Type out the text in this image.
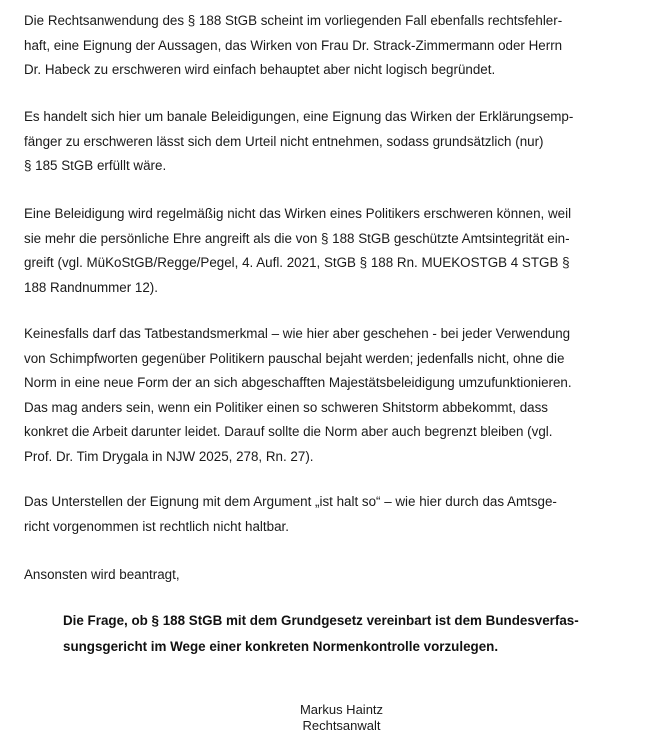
Die Rechtsanwendung des § 188 StGB scheint im vorliegenden Fall ebenfalls rechtsfehler-
haft, eine Eignung der Aussagen, das Wirken von Frau Dr. Strack-Zimmermann oder Herrn
Dr. Habeck zu erschweren wird einfach behauptet aber nicht logisch begründet.
Es handelt sich hier um banale Beleidigungen, eine Eignung das Wirken der Erklärungsemp-
fänger zu erschweren lässt sich dem Urteil nicht entnehmen, sodass grundsätzlich (nur)
§ 185 StGB erfüllt wäre.
Eine Beleidigung wird regelmäßig nicht das Wirken eines Politikers erschweren können, weil
sie mehr die persönliche Ehre angreift als die von § 188 StGB geschützte Amtsintegrität ein-
greift (vgl. MüKoStGB/Regge/Pegel, 4. Aufl. 2021, StGB § 188 Rn. MUEKOSTGB 4 STGB §
188 Randnummer 12).
Keinesfalls darf das Tatbestandsmerkmal – wie hier aber geschehen - bei jeder Verwendung
von Schimpfworten gegenüber Politikern pauschal bejaht werden; jedenfalls nicht, ohne die
Norm in eine neue Form der an sich abgeschafften Majestätsbeleidigung umzufunktionieren.
Das mag anders sein, wenn ein Politiker einen so schweren Shitstorm abbekommt, dass
konkret die Arbeit darunter leidet. Darauf sollte die Norm aber auch begrenzt bleiben (vgl.
Prof. Dr. Tim Drygala in NJW 2025, 278, Rn. 27).
Das Unterstellen der Eignung mit dem Argument „ist halt so“ – wie hier durch das Amtsge-
richt vorgenommen ist rechtlich nicht haltbar.
Ansonsten wird beantragt,
Die Frage, ob § 188 StGB mit dem Grundgesetz vereinbart ist dem Bundesverfas-
sungsgericht im Wege einer konkreten Normenkontrolle vorzulegen.
Markus Haintz
Rechtsanwalt
